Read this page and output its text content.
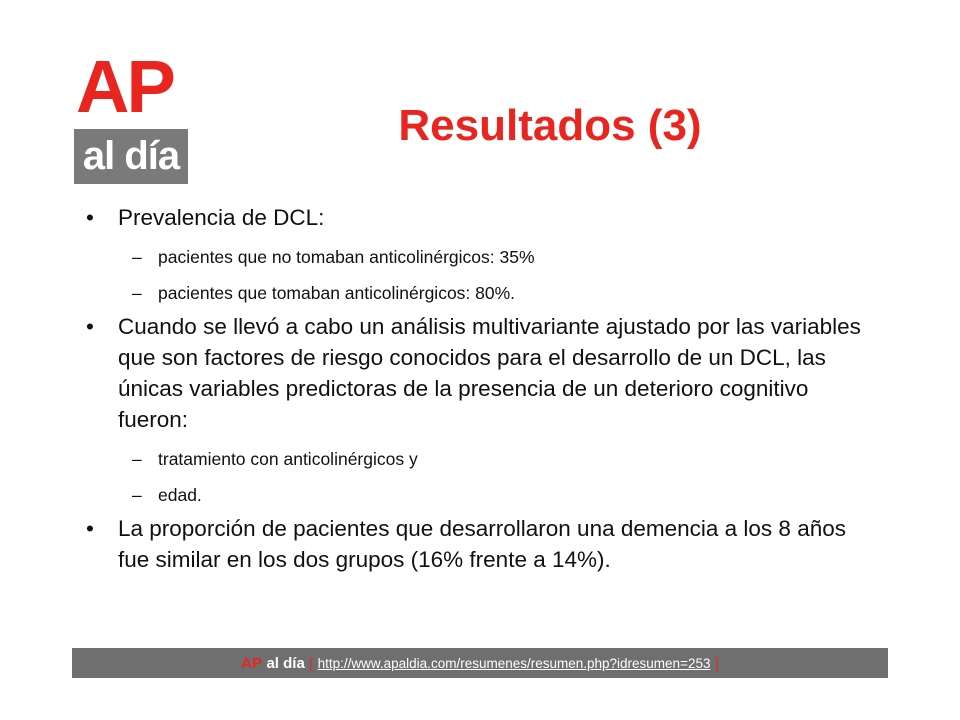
AP
al día
Resultados (3)
• Prevalencia de DCL:
– pacientes que no tomaban anticolinérgicos: 35%
– pacientes que tomaban anticolinérgicos: 80%.
• Cuando se llevó a cabo un análisis multivariante ajustado por las variables que son factores de riesgo conocidos para el desarrollo de un DCL, las únicas variables predictoras de la presencia de un deterioro cognitivo fueron:
– tratamiento con anticolinérgicos y
– edad.
• La proporción de pacientes que desarrollaron una demencia a los 8 años fue similar en los dos grupos (16% frente a 14%).
AP al día [ http://www.apaldia.com/resumenes/resumen.php?idresumen=253 ]
